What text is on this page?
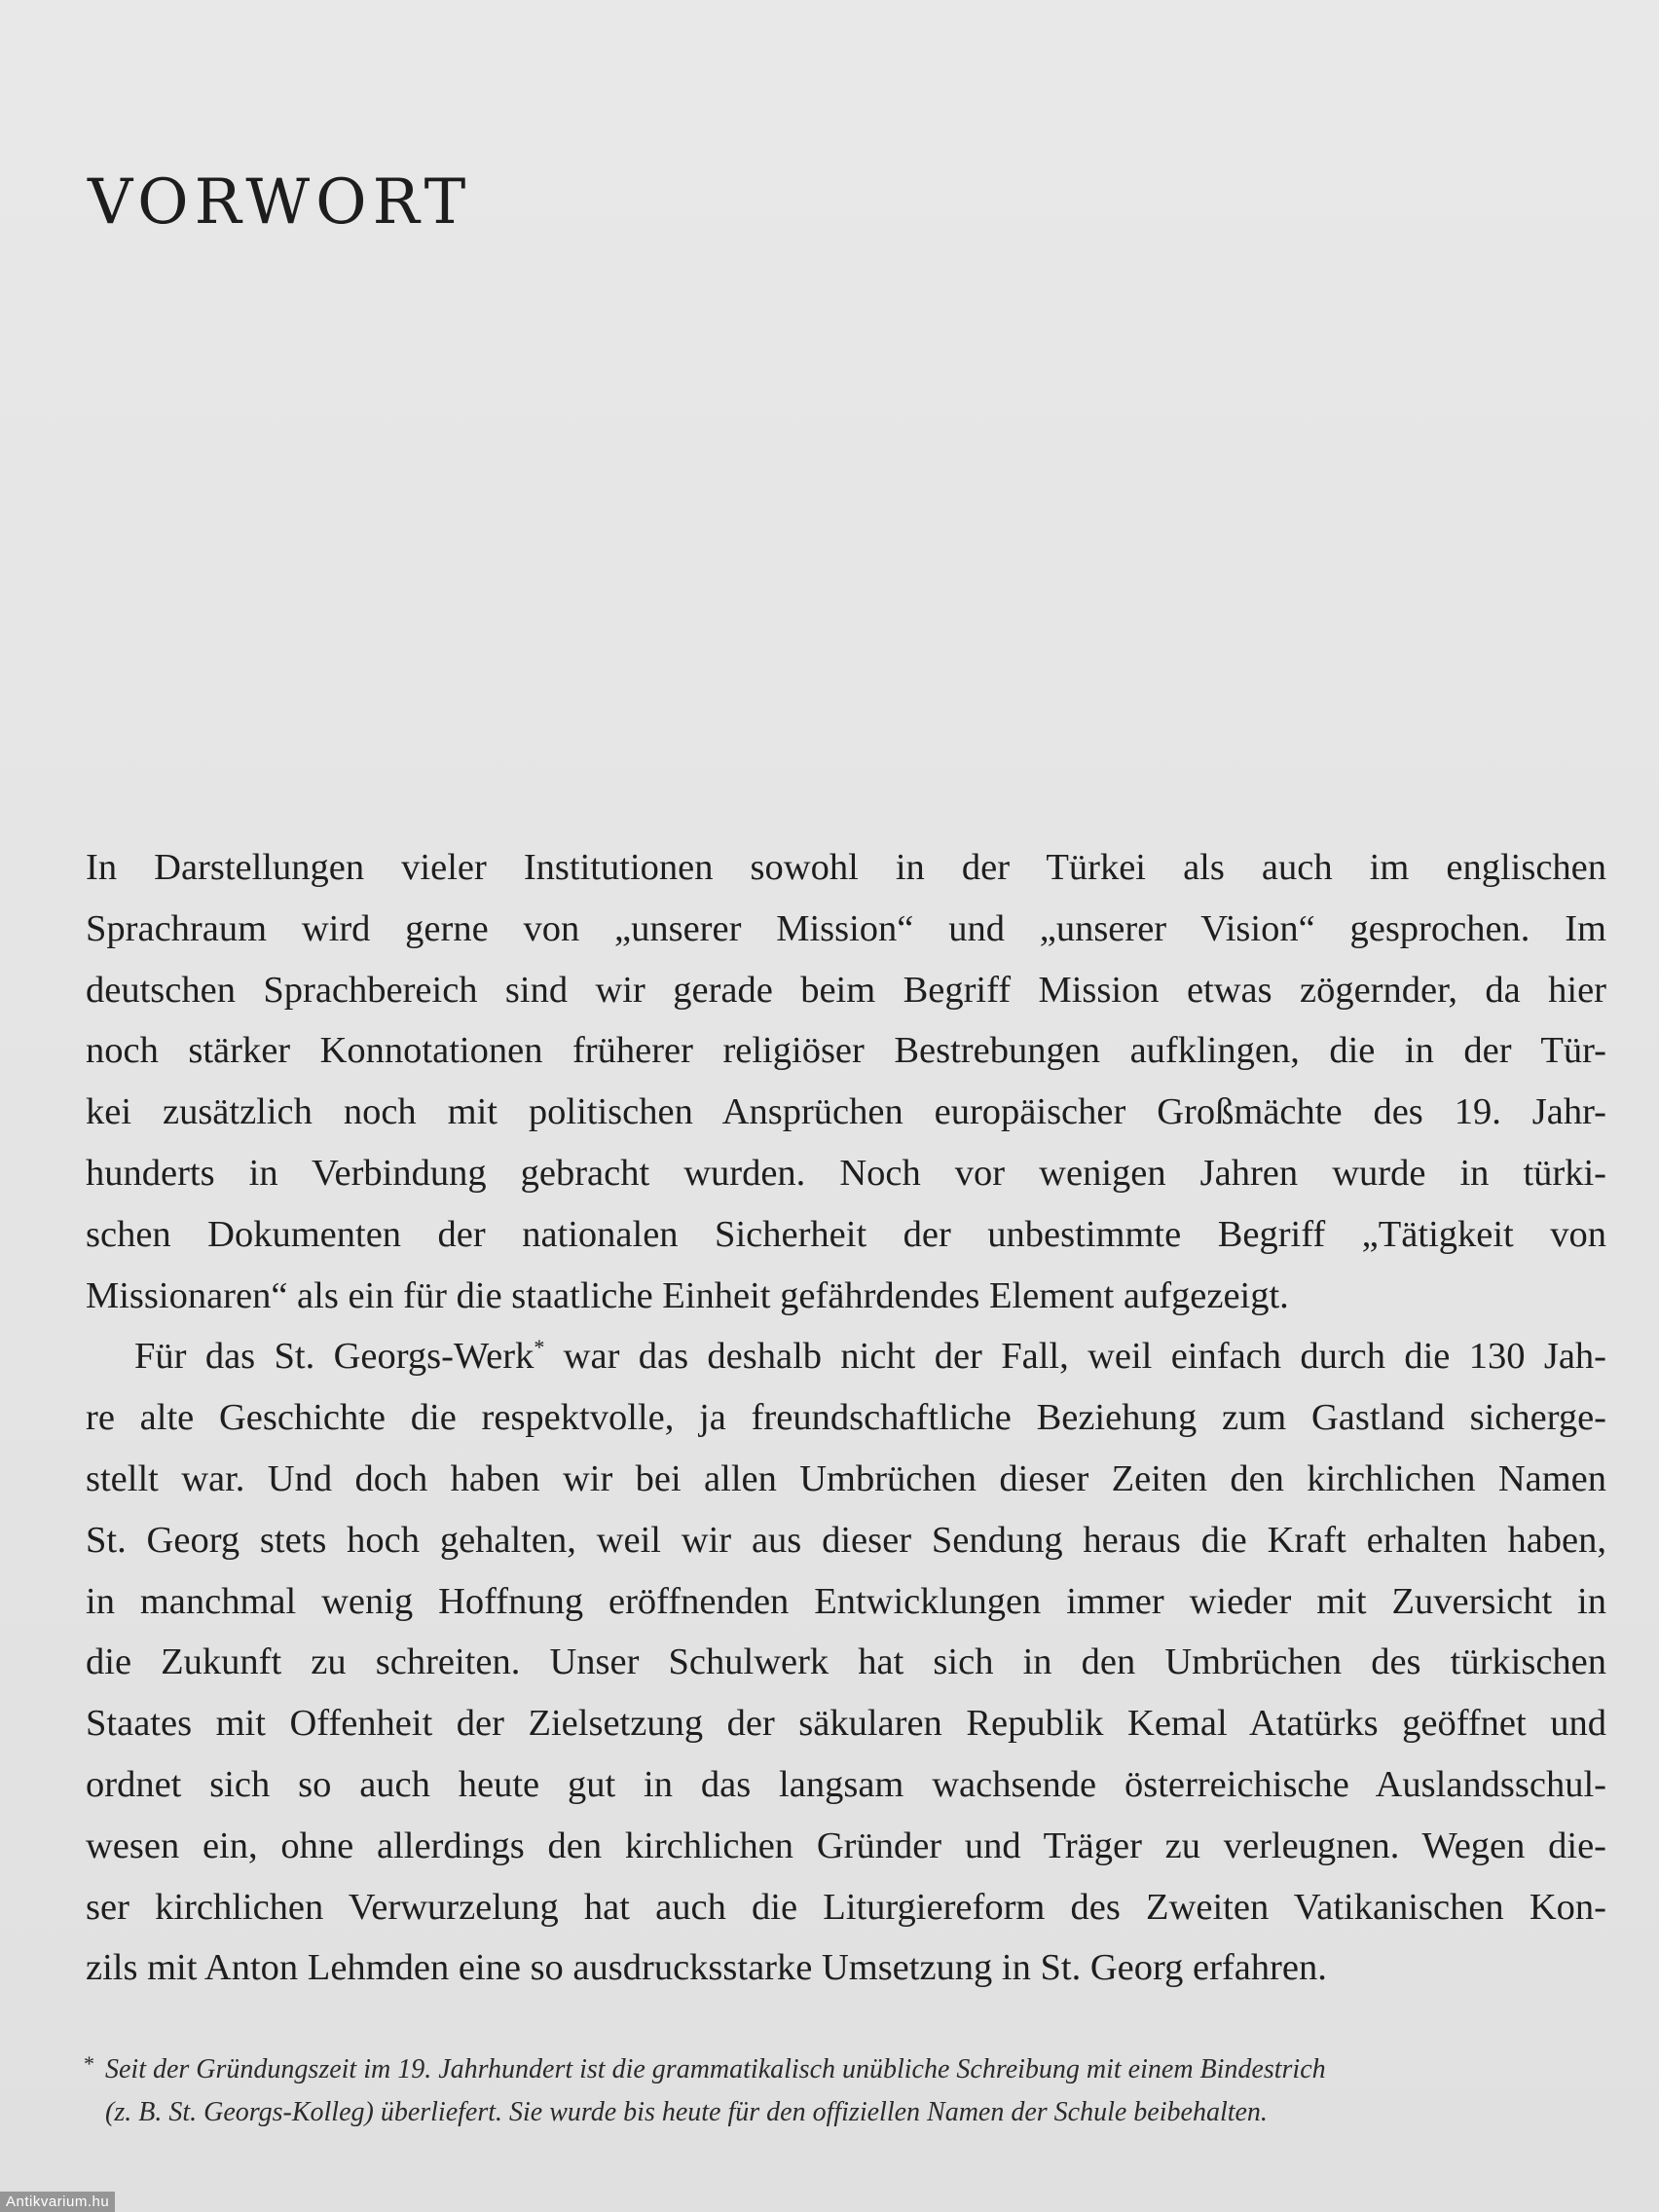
VORWORT
In Darstellungen vieler Institutionen sowohl in der Türkei als auch im englischen
Sprachraum wird gerne von „unserer Mission“ und „unserer Vision“ gesprochen. Im
deutschen Sprachbereich sind wir gerade beim Begriff Mission etwas zögernder, da hier
noch stärker Konnotationen früherer religiöser Bestrebungen aufklingen, die in der Tür-
kei zusätzlich noch mit politischen Ansprüchen europäischer Großmächte des 19. Jahr-
hunderts in Verbindung gebracht wurden. Noch vor wenigen Jahren wurde in türki-
schen Dokumenten der nationalen Sicherheit der unbestimmte Begriff „Tätigkeit von
Missionaren“ als ein für die staatliche Einheit gefährdendes Element aufgezeigt.
Für das St. Georgs-Werk* war das deshalb nicht der Fall, weil einfach durch die 130 Jah-
re alte Geschichte die respektvolle, ja freundschaftliche Beziehung zum Gastland sicherge-
stellt war. Und doch haben wir bei allen Umbrüchen dieser Zeiten den kirchlichen Namen
St. Georg stets hoch gehalten, weil wir aus dieser Sendung heraus die Kraft erhalten haben,
in manchmal wenig Hoffnung eröffnenden Entwicklungen immer wieder mit Zuversicht in
die Zukunft zu schreiten. Unser Schulwerk hat sich in den Umbrüchen des türkischen
Staates mit Offenheit der Zielsetzung der säkularen Republik Kemal Atatürks geöffnet und
ordnet sich so auch heute gut in das langsam wachsende österreichische Auslandsschul-
wesen ein, ohne allerdings den kirchlichen Gründer und Träger zu verleugnen. Wegen die-
ser kirchlichen Verwurzelung hat auch die Liturgiereform des Zweiten Vatikanischen Kon-
zils mit Anton Lehmden eine so ausdrucksstarke Umsetzung in St. Georg erfahren.
* Seit der Gründungszeit im 19. Jahrhundert ist die grammatikalisch unübliche Schreibung mit einem Bindestrich
(z. B. St. Georgs-Kolleg) überliefert. Sie wurde bis heute für den offiziellen Namen der Schule beibehalten.
Antikvarium.hu
